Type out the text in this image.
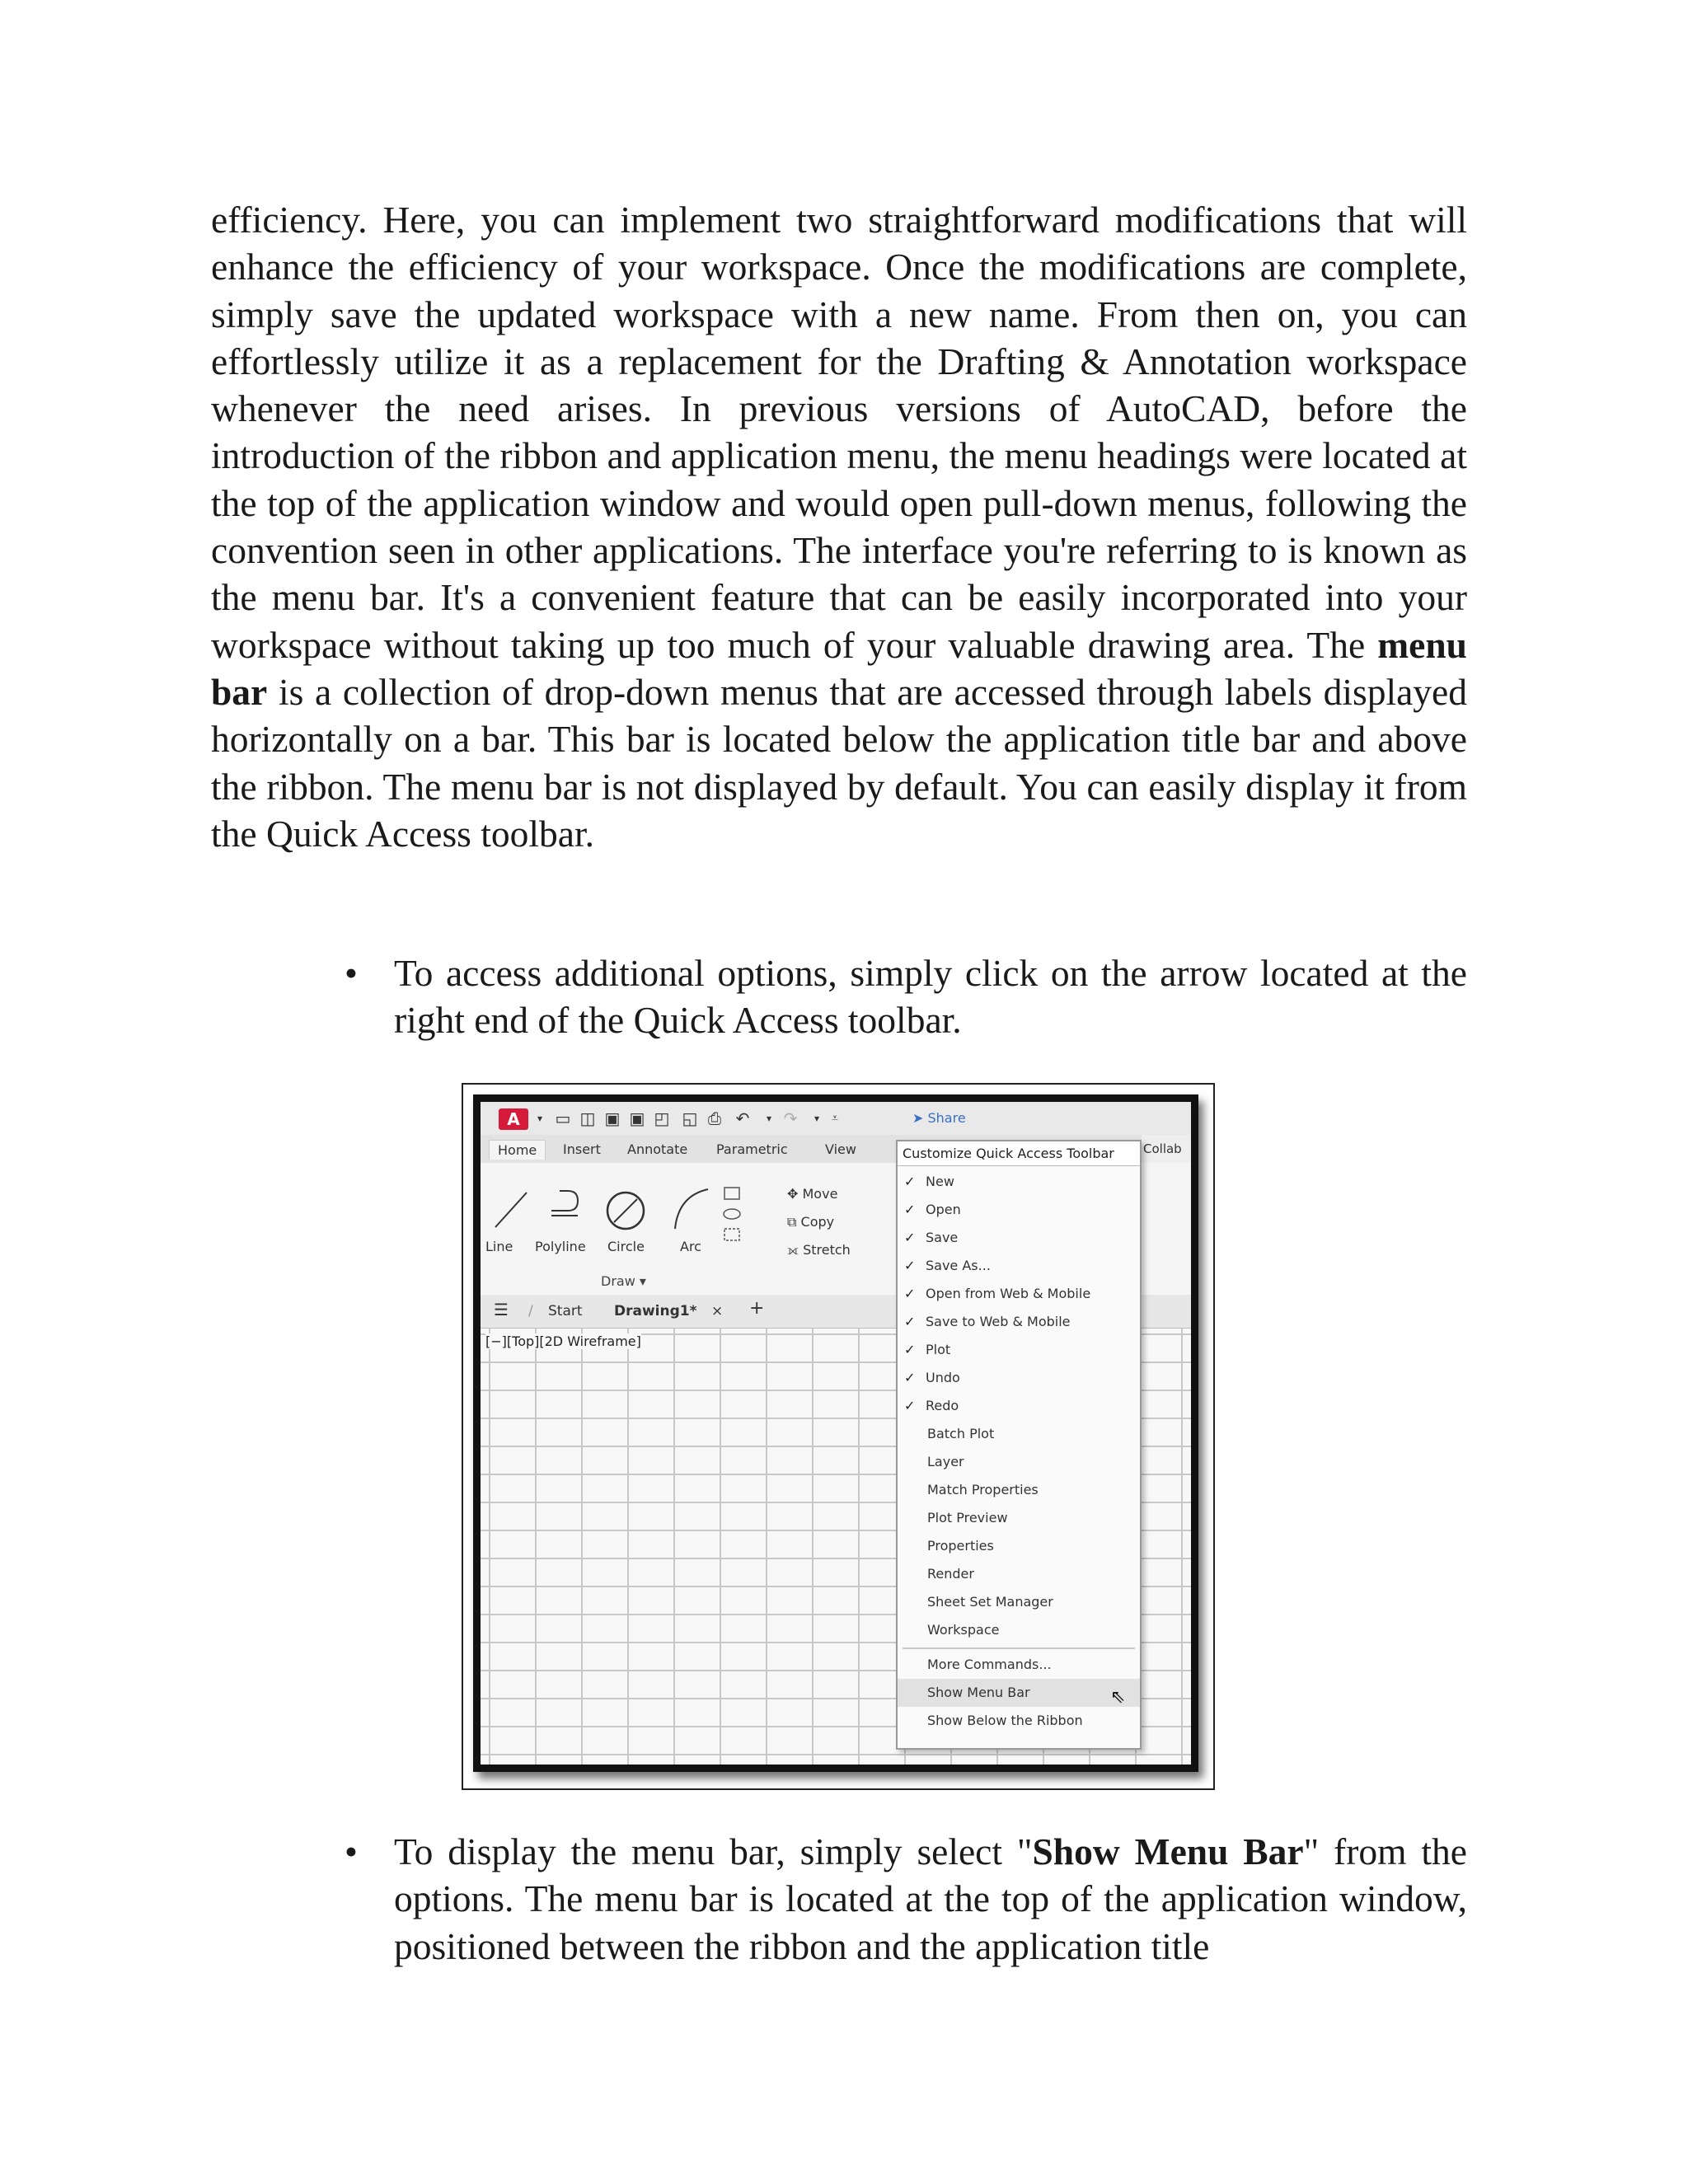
efficiency. Here, you can implement two straightforward modifications that will enhance the efficiency of your workspace. Once the modifications are complete, simply save the updated workspace with a new name. From then on, you can effortlessly utilize it as a replacement for the Drafting & Annotation workspace whenever the need arises. In previous versions of AutoCAD, before the introduction of the ribbon and application menu, the menu headings were located at the top of the application window and would open pull-down menus, following the convention seen in other applications. The interface you're referring to is known as the menu bar. It's a convenient feature that can be easily incorporated into your workspace without taking up too much of your valuable drawing area. The menu bar is a collection of drop-down menus that are accessed through labels displayed horizontally on a bar. This bar is located below the application title bar and above the ribbon. The menu bar is not displayed by default. You can easily display it from the Quick Access toolbar.

• To access additional options, simply click on the arrow located at the right end of the Quick Access toolbar.
A	▾ ▭ ◫ ▣ ▣ ◰ ◱ ⎙ ↶	▾ ↷	▾	⩡	➤ Share
Home	Insert Annotate Parametric	View	Collab
Line Polyline Circle	Arc
✥ Move
⧉ Copy
⟗ Stretch
Draw ▾
☰ / Start Drawing1* × +
[−][Top][2D Wireframe]
Customize Quick Access Toolbar
✓ New
✓ Open
✓ Save
✓ Save As...
✓ Open from Web & Mobile
✓ Save to Web & Mobile
✓ Plot
✓ Undo
✓ Redo
Batch Plot
Layer
Match Properties
Plot Preview
Properties
Render
Sheet Set Manager
Workspace
More Commands...
Show Menu Bar	⇖
Show Below the Ribbon
• To display the menu bar, simply select "Show Menu Bar" from the options. The menu bar is located at the top of the application window, positioned between the ribbon and the application title
